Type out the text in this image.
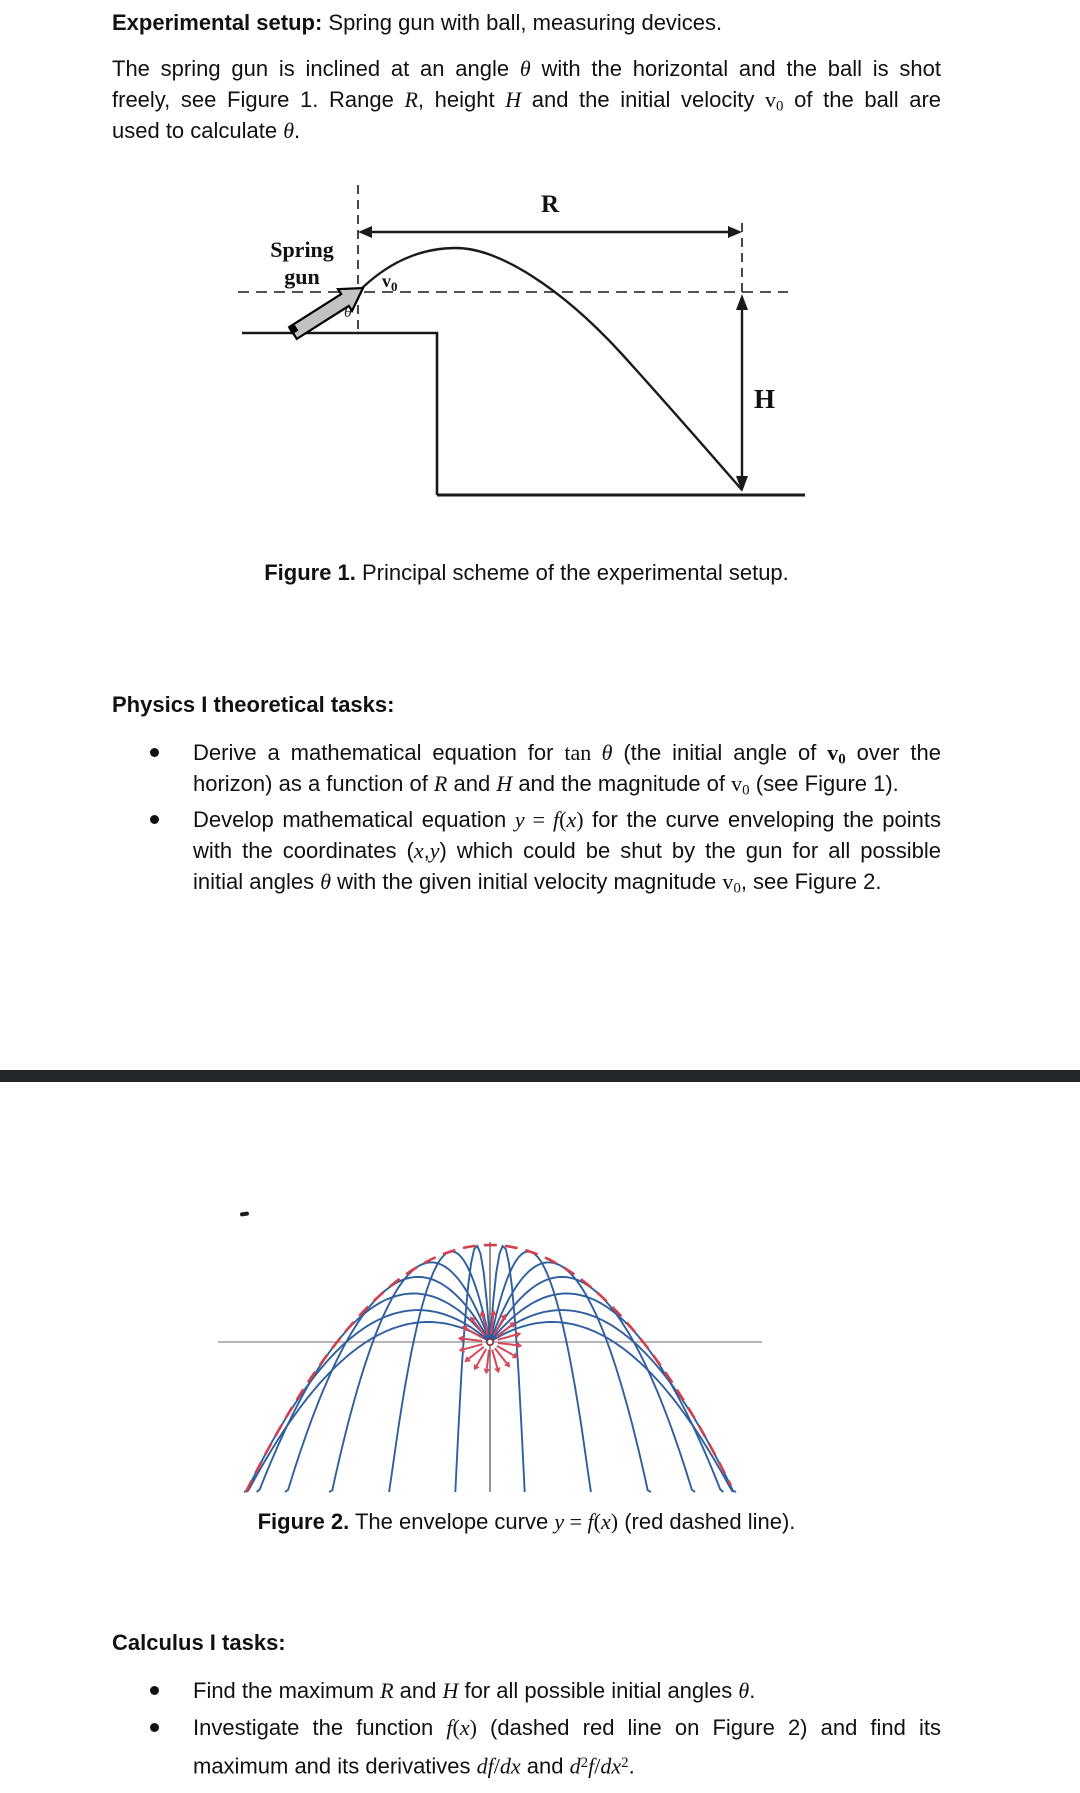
Experimental setup: Spring gun with ball, measuring devices.
The spring gun is inclined at an angle θ with the horizontal and the ball is shot
freely, see Figure 1. Range R, height H and the initial velocity v0 of the ball are
used to calculate θ.
R
H
θ
Spring
gun	$v_0$
Figure 1. Principal scheme of the experimental setup.
Physics I theoretical tasks:
Derive a mathematical equation for tan θ (the initial angle of v0 over the
horizon) as a function of R and H and the magnitude of v0 (see Figure 1).
Develop mathematical equation y = f(x) for the curve enveloping the points
with the coordinates (x,y) which could be shut by the gun for all possible
initial angles θ with the given initial velocity magnitude v0, see Figure 2.
Figure 2. The envelope curve y = f(x) (red dashed line).
Calculus I tasks:
Find the maximum R and H for all possible initial angles θ.
Investigate the function f(x) (dashed red line on Figure 2) and find its
maximum and its derivatives df/dx and $d^2f/dx^2$.
